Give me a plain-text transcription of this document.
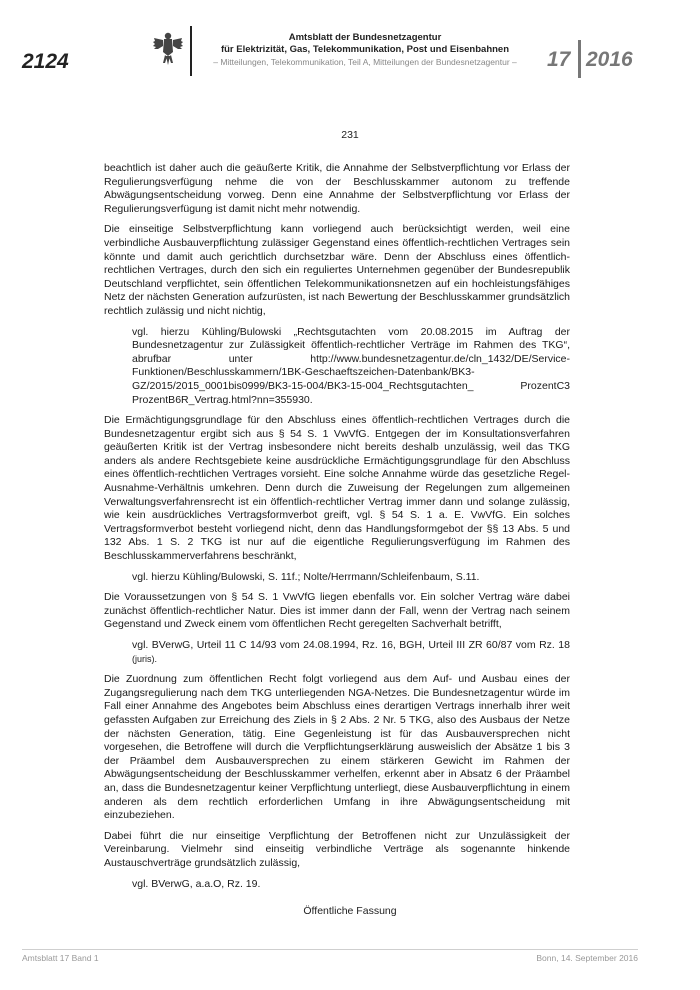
2124
Amtsblatt der Bundesnetzagentur
für Elektrizität, Gas, Telekommunikation, Post und Eisenbahnen
– Mitteilungen, Telekommunikation, Teil A, Mitteilungen der Bundesnetzagentur –	17 2016
231

beachtlich ist daher auch die geäußerte Kritik, die Annahme der Selbstverpflichtung vor Erlass der Regulierungsverfügung nehme die von der Beschlusskammer autonom zu treffende Abwägungsentscheidung vorweg. Denn eine Annahme der Selbstverpflichtung vor Erlass der Regulierungsverfügung ist damit nicht mehr notwendig.

Die einseitige Selbstverpflichtung kann vorliegend auch berücksichtigt werden, weil eine verbindliche Ausbauverpflichtung zulässiger Gegenstand eines öffentlich-rechtlichen Vertrages sein könnte und damit auch gerichtlich durchsetzbar wäre. Denn der Abschluss eines öffentlich-rechtlichen Vertrages, durch den sich ein reguliertes Unternehmen gegenüber der Bundesrepublik Deutschland verpflichtet, sein öffentlichen Telekommunikationsnetzen auf ein hochleistungsfähiges Netz der nächsten Generation aufzurüsten, ist nach Bewertung der Beschlusskammer grundsätzlich rechtlich zulässig und nicht nichtig,

vgl. hierzu Kühling/Bulowski „Rechtsgutachten vom 20.08.2015 im Auftrag der Bundesnetzagentur zur Zulässigkeit öffentlich-rechtlicher Verträge im Rahmen des TKG“, abrufbar unter http://www.bundesnetzagentur.de/cln_1432/DE/Service-Funktionen/Beschlusskammern/1BK-Geschaeftszeichen-Datenbank/BK3-GZ/2015/2015_0001bis0999/BK3-15-004/BK3-15-004_Rechtsgutachten_ ProzentC3 ProzentB6R_Vertrag.html?nn=355930.

Die Ermächtigungsgrundlage für den Abschluss eines öffentlich-rechtlichen Vertrages durch die Bundesnetzagentur ergibt sich aus § 54 S. 1 VwVfG. Entgegen der im Konsultationsverfahren geäußerten Kritik ist der Vertrag insbesondere nicht bereits deshalb unzulässig, weil das TKG anders als andere Rechtsgebiete keine ausdrückliche Ermächtigungsgrundlage für den Abschluss eines öffentlich-rechtlichen Vertrages vorsieht. Eine solche Annahme würde das gesetzliche Regel-Ausnahme-Verhältnis umkehren. Denn durch die Zuweisung der Regelungen zum allgemeinen Verwaltungsverfahrensrecht ist ein öffentlich-rechtlicher Vertrag immer dann und solange zulässig, wie kein ausdrückliches Vertragsformverbot greift, vgl. § 54 S. 1 a. E. VwVfG. Ein solches Vertragsformverbot besteht vorliegend nicht, denn das Handlungsformgebot der §§ 13 Abs. 5 und 132 Abs. 1 S. 2 TKG ist nur auf die eigentliche Regulierungsverfügung im Rahmen des Beschlusskammerverfahrens beschränkt,

vgl. hierzu Kühling/Bulowski, S. 11f.; Nolte/Herrmann/Schleifenbaum, S.11.

Die Voraussetzungen von § 54 S. 1 VwVfG liegen ebenfalls vor. Ein solcher Vertrag wäre dabei zunächst öffentlich-rechtlicher Natur. Dies ist immer dann der Fall, wenn der Vertrag nach seinem Gegenstand und Zweck einem vom öffentlichen Recht geregelten Sachverhalt betrifft,

vgl. BVerwG, Urteil 11 C 14/93 vom 24.08.1994, Rz. 16, BGH, Urteil III ZR 60/87 vom Rz. 18 (juris).

Die Zuordnung zum öffentlichen Recht folgt vorliegend aus dem Auf- und Ausbau eines der Zugangsregulierung nach dem TKG unterliegenden NGA-Netzes. Die Bundesnetzagentur würde im Fall einer Annahme des Angebotes beim Abschluss eines derartigen Vertrags innerhalb ihrer weit gefassten Aufgaben zur Erreichung des Ziels in § 2 Abs. 2 Nr. 5 TKG, also des Ausbaus der Netze der nächsten Generation, tätig. Eine Gegenleistung ist für das Ausbauversprechen nicht vorgesehen, die Betroffene will durch die Verpflichtungserklärung ausweislich der Absätze 1 bis 3 der Präambel dem Ausbauversprechen zu einem stärkeren Gewicht im Rahmen der Abwägungsentscheidung der Beschlusskammer verhelfen, erkennt aber in Absatz 6 der Präambel an, dass die Bundesnetzagentur keiner Verpflichtung unterliegt, diese Ausbauverpflichtung in einem anderen als dem rechtlich erforderlichen Umfang in ihre Abwägungsentscheidung mit einzubeziehen.

Dabei führt die nur einseitige Verpflichtung der Betroffenen nicht zur Unzulässigkeit der Vereinbarung. Vielmehr sind einseitig verbindliche Verträge als sogenannte hinkende Austauschverträge grundsätzlich zulässig,

vgl. BVerwG, a.a.O, Rz. 19.

Öffentliche Fassung
Amtsblatt 17 Band 1	Bonn, 14. September 2016
